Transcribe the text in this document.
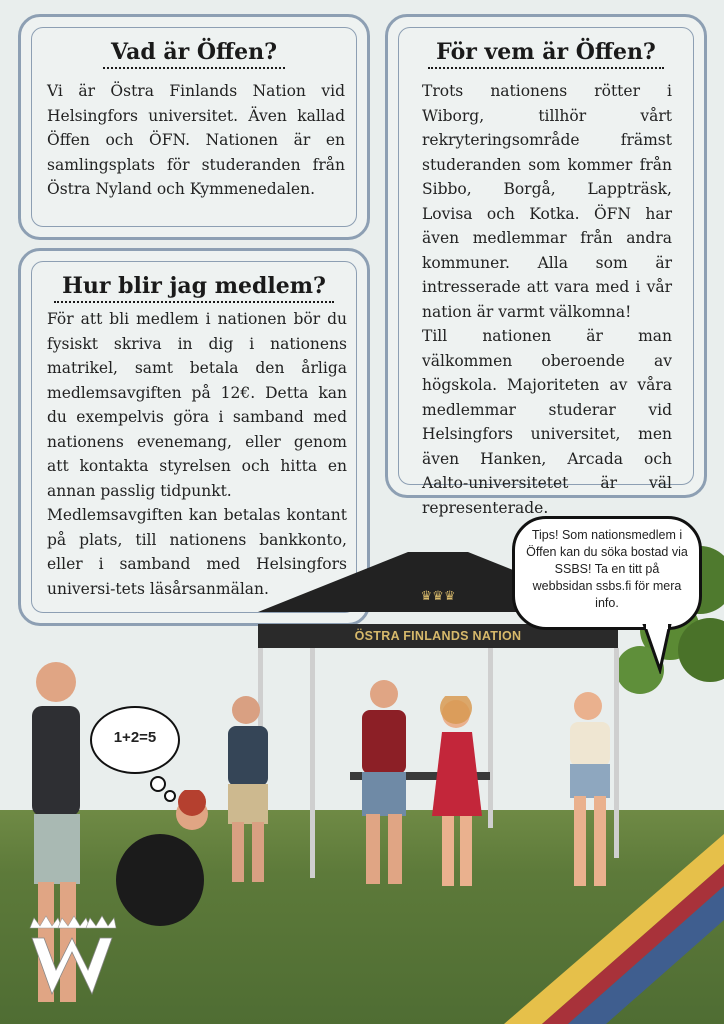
Vad är Öffen?
Vi är Östra Finlands Nation vid Helsingfors universitet. Även kallad Öffen och ÖFN. Nationen är en samlingsplats för studeranden från Östra Nyland och Kymmenedalen.
För vem är Öffen?

Trots nationens rötter i Wiborg, tillhör vårt rekryteringsområde främst studeranden som kommer från Sibbo, Borgå, Lappträsk, Lovisa och Kotka. ÖFN har även medlemmar från andra kommuner. Alla som är intresserade att vara med i vår nation är varmt välkomna!

Till nationen är man välkommen oberoende av högskola. Majoriteten av våra medlemmar studerar vid Helsingfors universitet, men även Hanken, Arcada och Aalto-universitetet är väl representerade.

Hur blir jag medlem?

För att bli medlem i nationen bör du fysiskt skriva in dig i nationens matrikel, samt betala den årliga medlemsavgiften på 12€. Detta kan du exempelvis göra i samband med nationens evenemang, eller genom att kontakta styrelsen och hitta en annan passlig tidpunkt.

Medlemsavgiften kan betalas kontant på plats, till nationens bankkonto, eller i samband med Helsingfors universi-tets läsårsanmälan.	♛♛♛
ÖSTRA FINLANDS NATION
Tips! Som nationsmedlem i Öffen kan du söka bostad via SSBS! Ta en titt på webbsidan ssbs.fi för mera info.
1+2=5
